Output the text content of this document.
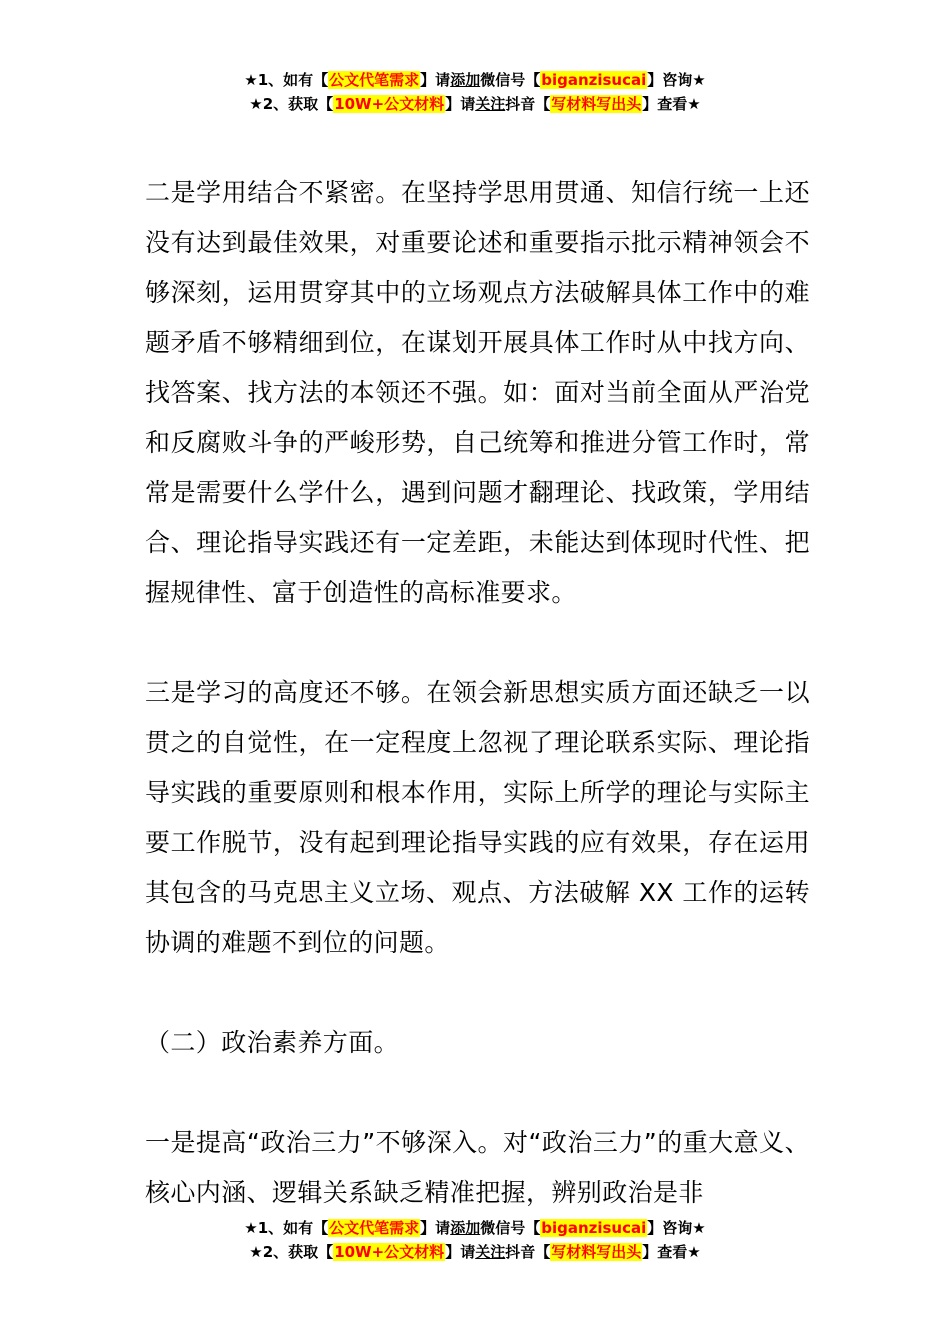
★1、如有【公文代笔需求】请添加微信号【biganzisucai】咨询★
★2、获取【10W+公文材料】请关注抖音【写材料写出头】查看★

二是学用结合不紧密。在坚持学思用贯通、知信行统一上还没有达到最佳效果，对重要论述和重要指示批示精神领会不够深刻，运用贯穿其中的立场观点方法破解具体工作中的难题矛盾不够精细到位，在谋划开展具体工作时从中找方向、找答案、找方法的本领还不强。如：面对当前全面从严治党和反腐败斗争的严峻形势，自己统筹和推进分管工作时，常常是需要什么学什么，遇到问题才翻理论、找政策，学用结合、理论指导实践还有一定差距，未能达到体现时代性、把握规律性、富于创造性的高标准要求。

三是学习的高度还不够。在领会新思想实质方面还缺乏一以贯之的自觉性，在一定程度上忽视了理论联系实际、理论指导实践的重要原则和根本作用，实际上所学的理论与实际主要工作脱节，没有起到理论指导实践的应有效果，存在运用其包含的马克思主义立场、观点、方法破解 XX 工作的运转协调的难题不到位的问题。

（二）政治素养方面。

一是提高“政治三力”不够深入。对“政治三力”的重大意义、核心内涵、逻辑关系缺乏精准把握，辨别政治是非

★1、如有【公文代笔需求】请添加微信号【biganzisucai】咨询★
★2、获取【10W+公文材料】请关注抖音【写材料写出头】查看★
